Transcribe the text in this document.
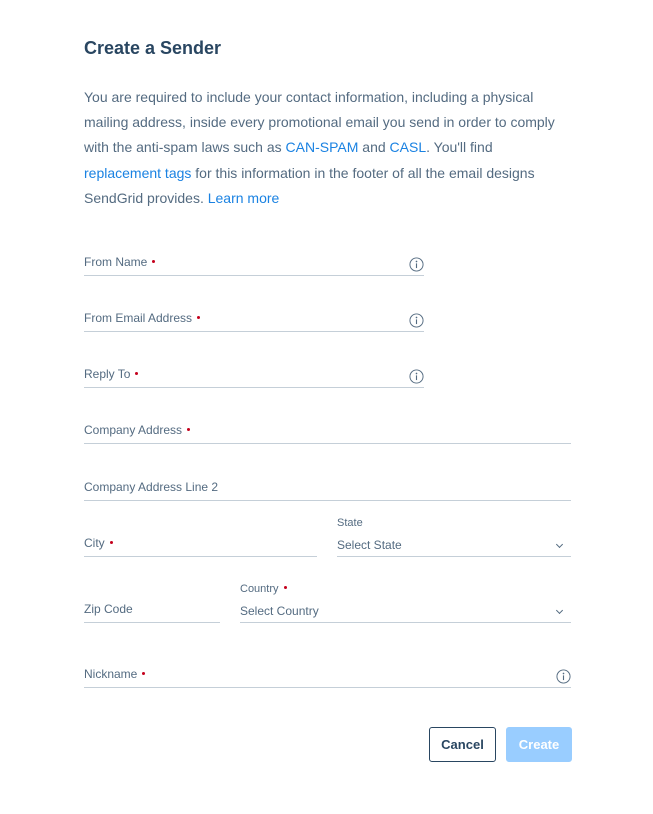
Create a Sender

You are required to include your contact information, including a physical mailing address, inside every promotional email you send in order to comply with the anti-spam laws such as CAN-SPAM and CASL. You'll find replacement tags for this information in the footer of all the email designs SendGrid provides. Learn more

From Name
From Email Address
Reply To
Company Address
Company Address Line 2
City
State
Select State
Zip Code
Country
Select Country
Nickname
Cancel	Create
